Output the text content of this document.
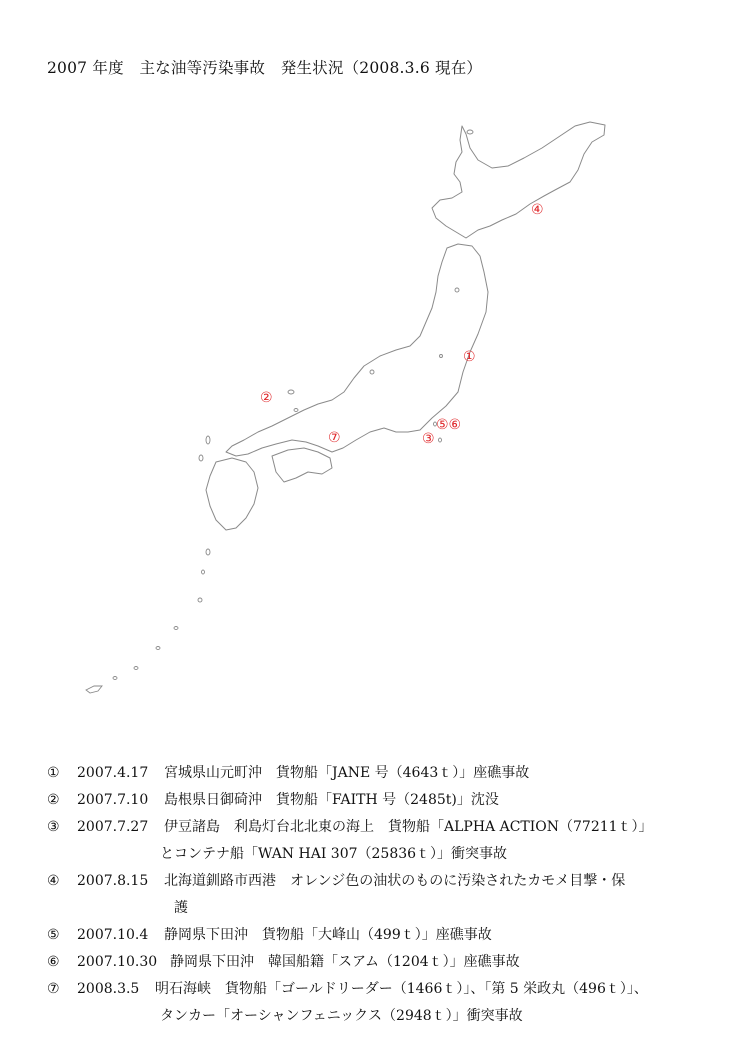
2007 年度　主な油等汚染事故　発生状況（2008.3.6 現在）
④
①
②
⑤⑥
⑦	③
①	2007.4.17 宮城県山元町沖　貨物船「JANE 号（4643ｔ）」座礁事故
②	2007.7.10 島根県日御碕沖　貨物船「FAITH 号（2485t)」沈没
③	2007.7.27 伊豆諸島　利島灯台北北東の海上　貨物船「ALPHA ACTION（77211ｔ）」
とコンテナ船「WAN HAI 307（25836ｔ）」衝突事故
④	2007.8.15 北海道釧路市西港　オレンジ色の油状のものに汚染されたカモメ目撃・保
護
⑤	2007.10.4 静岡県下田沖　貨物船「大峰山（499ｔ）」座礁事故
⑥	2007.10.30 静岡県下田沖　韓国船籍「スアム（1204ｔ）」座礁事故
⑦	2008.3.5 明石海峡　貨物船「ゴールドリーダー（1466ｔ）」、「第 5 栄政丸（496ｔ）」、
タンカー「オーシャンフェニックス（2948ｔ）」衝突事故
